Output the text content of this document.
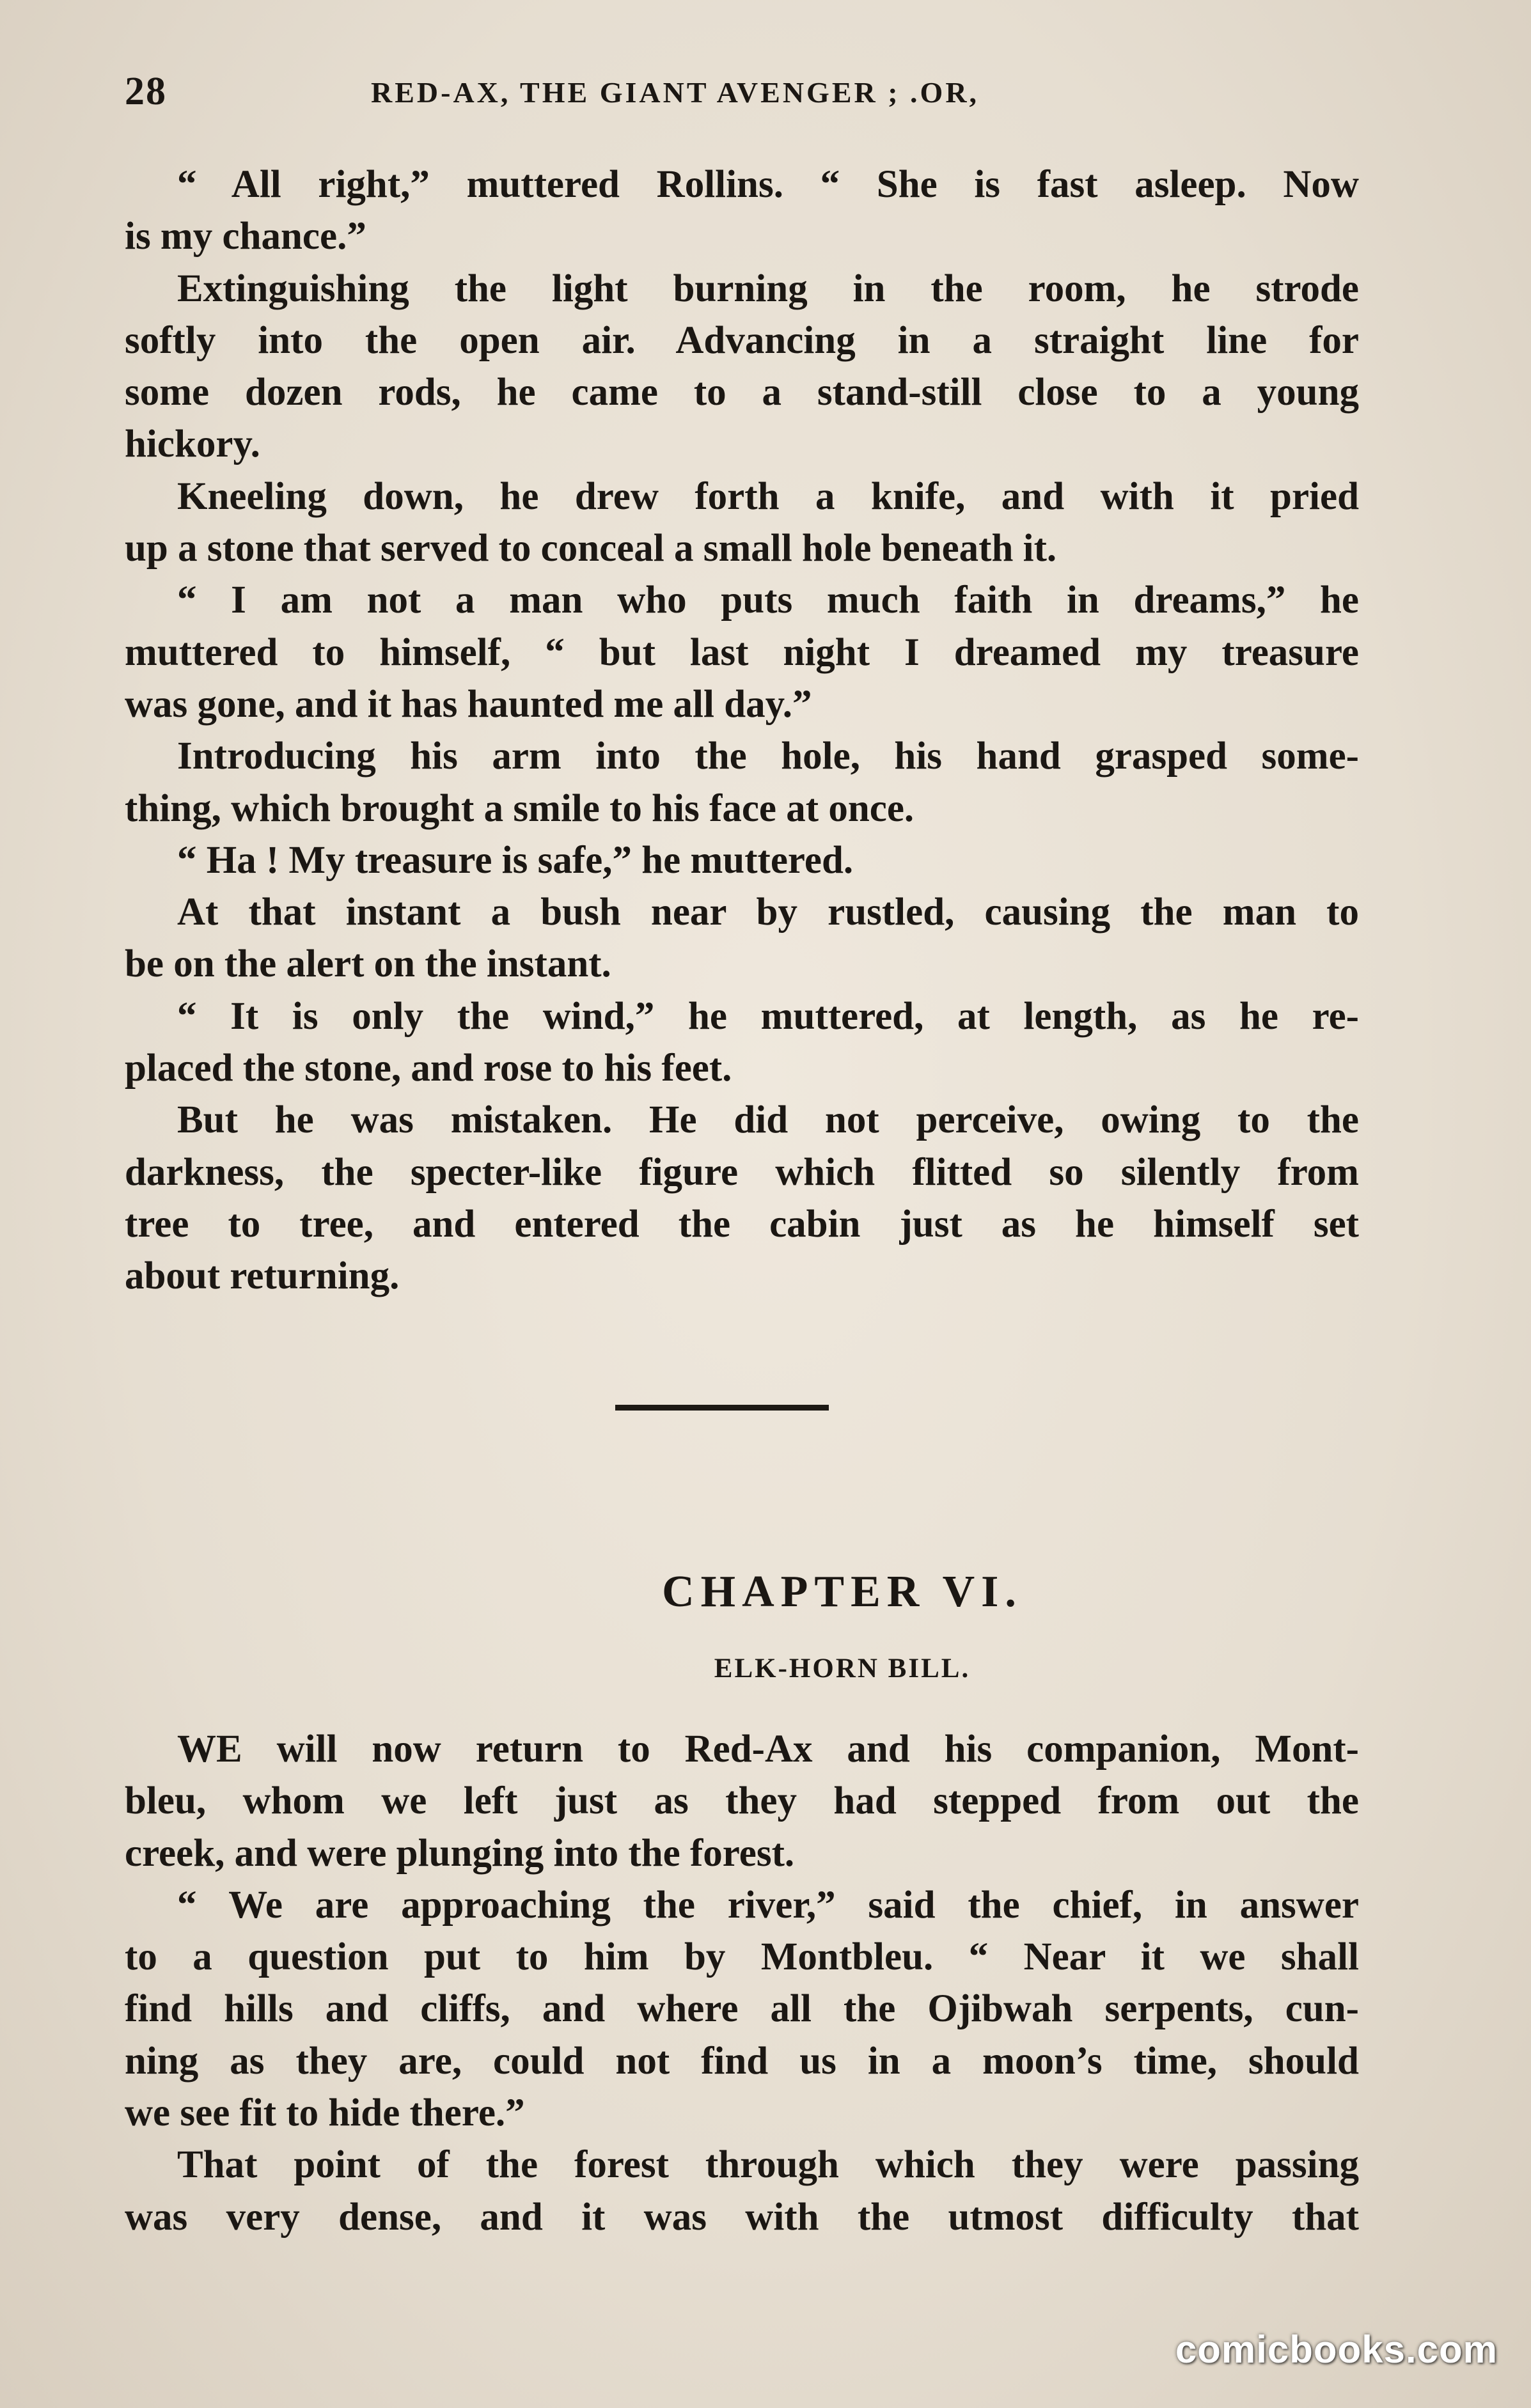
28	RED-AX, THE GIANT AVENGER ; .OR,
“ All right,” muttered Rollins. “ She is fast asleep. Now
is my chance.”
Extinguishing the light burning in the room, he strode
softly into the open air. Advancing in a straight line for
some dozen rods, he came to a stand-still close to a young
hickory.
Kneeling down, he drew forth a knife, and with it pried
up a stone that served to conceal a small hole beneath it.
“ I am not a man who puts much faith in dreams,” he
muttered to himself, “ but last night I dreamed my treasure
was gone, and it has haunted me all day.”
Introducing his arm into the hole, his hand grasped some-
thing, which brought a smile to his face at once.
“ Ha ! My treasure is safe,” he muttered.
At that instant a bush near by rustled, causing the man to
be on the alert on the instant.
“ It is only the wind,” he muttered, at length, as he re-
placed the stone, and rose to his feet.
But he was mistaken. He did not perceive, owing to the
darkness, the specter-like figure which flitted so silently from
tree to tree, and entered the cabin just as he himself set
about returning.
CHAPTER VI.
ELK-HORN BILL.
WE will now return to Red-Ax and his companion, Mont-
bleu, whom we left just as they had stepped from out the
creek, and were plunging into the forest.
“ We are approaching the river,” said the chief, in answer
to a question put to him by Montbleu. “ Near it we shall
find hills and cliffs, and where all the Ojibwah serpents, cun-
ning as they are, could not find us in a moon’s time, should
we see fit to hide there.”
That point of the forest through which they were passing
was very dense, and it was with the utmost difficulty that
comicbooks.com
